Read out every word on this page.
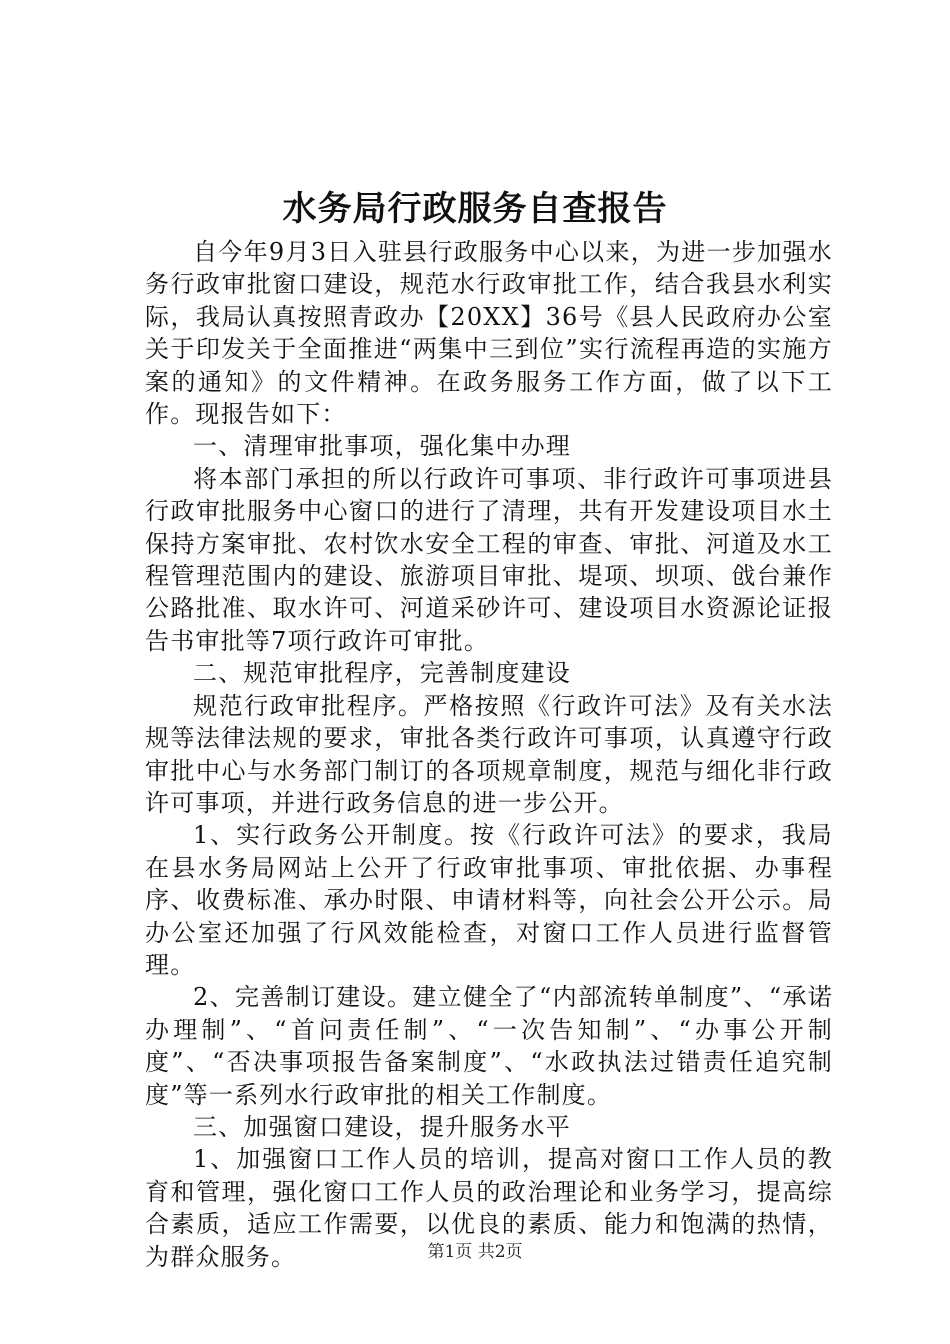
水务局行政服务自查报告

自今年9月3日入驻县行政服务中心以来，为进一步加强水务行政审批窗口建设，规范水行政审批工作，结合我县水利实际，我局认真按照青政办【20XX】36号《县人民政府办公室关于印发关于全面推进“两集中三到位”实行流程再造的实施方案的通知》的文件精神。在政务服务工作方面，做了以下工作。现报告如下：

一、清理审批事项，强化集中办理

将本部门承担的所以行政许可事项、非行政许可事项进县行政审批服务中心窗口的进行了清理，共有开发建设项目水土保持方案审批、农村饮水安全工程的审查、审批、河道及水工程管理范围内的建设、旅游项目审批、堤项、坝项、戗台兼作公路批准、取水许可、河道采砂许可、建设项目水资源论证报告书审批等7项行政许可审批。

二、规范审批程序，完善制度建设

规范行政审批程序。严格按照《行政许可法》及有关水法规等法律法规的要求，审批各类行政许可事项，认真遵守行政审批中心与水务部门制订的各项规章制度，规范与细化非行政许可事项，并进行政务信息的进一步公开。

1、实行政务公开制度。按《行政许可法》的要求，我局在县水务局网站上公开了行政审批事项、审批依据、办事程序、收费标准、承办时限、申请材料等，向社会公开公示。局办公室还加强了行风效能检查，对窗口工作人员进行监督管理。

2、完善制订建设。建立健全了“内部流转单制度”、“承诺办理制”、“首问责任制”、“一次告知制”、“办事公开制度”、“否决事项报告备案制度”、“水政执法过错责任追究制度”等一系列水行政审批的相关工作制度。

三、加强窗口建设，提升服务水平

1、加强窗口工作人员的培训，提高对窗口工作人员的教育和管理，强化窗口工作人员的政治理论和业务学习，提高综合素质，适应工作需要，以优良的素质、能力和饱满的热情，为群众服务。	第1页 共2页
